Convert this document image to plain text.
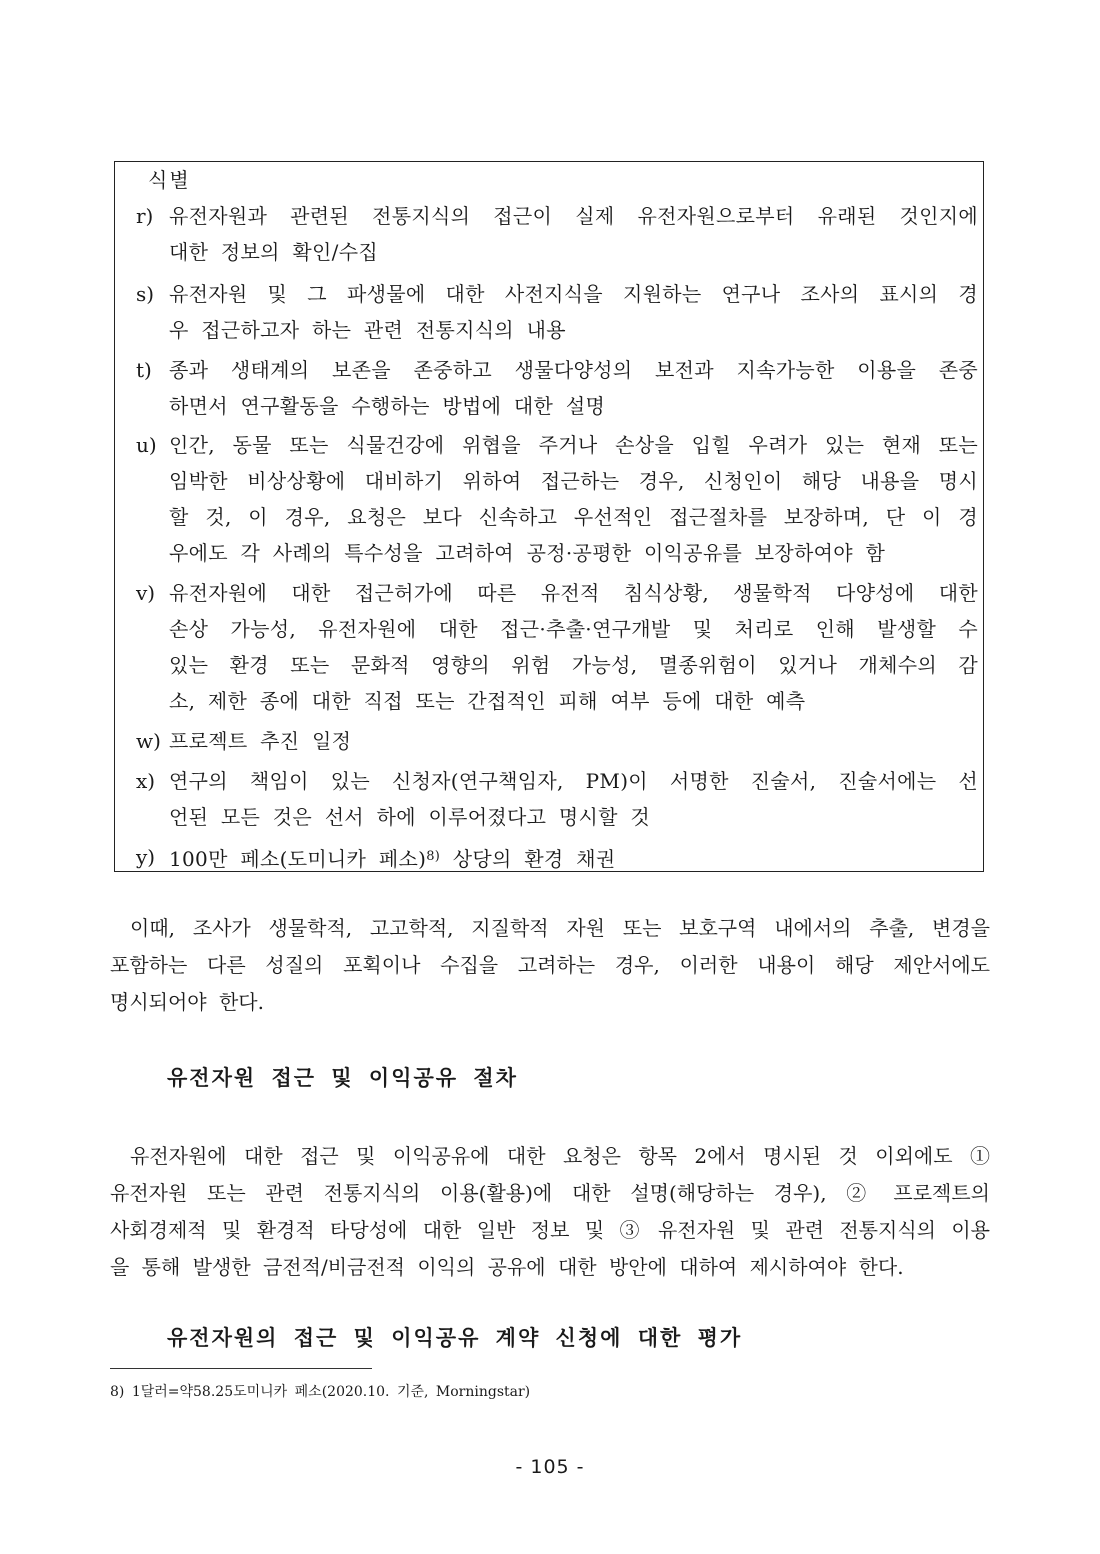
식별
r) 유전자원과 관련된 전통지식의 접근이 실제 유전자원으로부터 유래된 것인지에
대한 정보의 확인/수집
s) 유전자원 및 그 파생물에 대한 사전지식을 지원하는 연구나 조사의 표시의 경
우 접근하고자 하는 관련 전통지식의 내용
t) 종과 생태계의 보존을 존중하고 생물다양성의 보전과 지속가능한 이용을 존중
하면서 연구활동을 수행하는 방법에 대한 설명
u) 인간, 동물 또는 식물건강에 위협을 주거나 손상을 입힐 우려가 있는 현재 또는
임박한 비상상황에 대비하기 위하여 접근하는 경우, 신청인이 해당 내용을 명시
할 것, 이 경우, 요청은 보다 신속하고 우선적인 접근절차를 보장하며, 단 이 경
우에도 각 사례의 특수성을 고려하여 공정·공평한 이익공유를 보장하여야 함
v) 유전자원에 대한 접근허가에 따른 유전적 침식상황, 생물학적 다양성에 대한
손상 가능성, 유전자원에 대한 접근·추출·연구개발 및 처리로 인해 발생할 수
있는 환경 또는 문화적 영향의 위험 가능성, 멸종위험이 있거나 개체수의 감
소, 제한 종에 대한 직접 또는 간접적인 피해 여부 등에 대한 예측
w) 프로젝트 추진 일정
x) 연구의 책임이 있는 신청자(연구책임자, PM)이 서명한 진술서, 진술서에는 선
언된 모든 것은 선서 하에 이루어졌다고 명시할 것
y) 100만 페소(도미니카 페소)$^{8)}$ 상당의 환경 채권
이때, 조사가 생물학적, 고고학적, 지질학적 자원 또는 보호구역 내에서의 추출, 변경을
포함하는 다른 성질의 포획이나 수집을 고려하는 경우, 이러한 내용이 해당 제안서에도
명시되어야 한다.
유전자원 접근 및 이익공유 절차
유전자원에 대한 접근 및 이익공유에 대한 요청은 항목 2에서 명시된 것 이외에도 ①
유전자원 또는 관련 전통지식의 이용(활용)에 대한 설명(해당하는 경우), ② 프로젝트의
사회경제적 및 환경적 타당성에 대한 일반 정보 및 ③ 유전자원 및 관련 전통지식의 이용
을 통해 발생한 금전적/비금전적 이익의 공유에 대한 방안에 대하여 제시하여야 한다.
유전자원의 접근 및 이익공유 계약 신청에 대한 평가
8) 1달러=약58.25도미니카 페소(2020.10. 기준, Morningstar)
- 105 -
